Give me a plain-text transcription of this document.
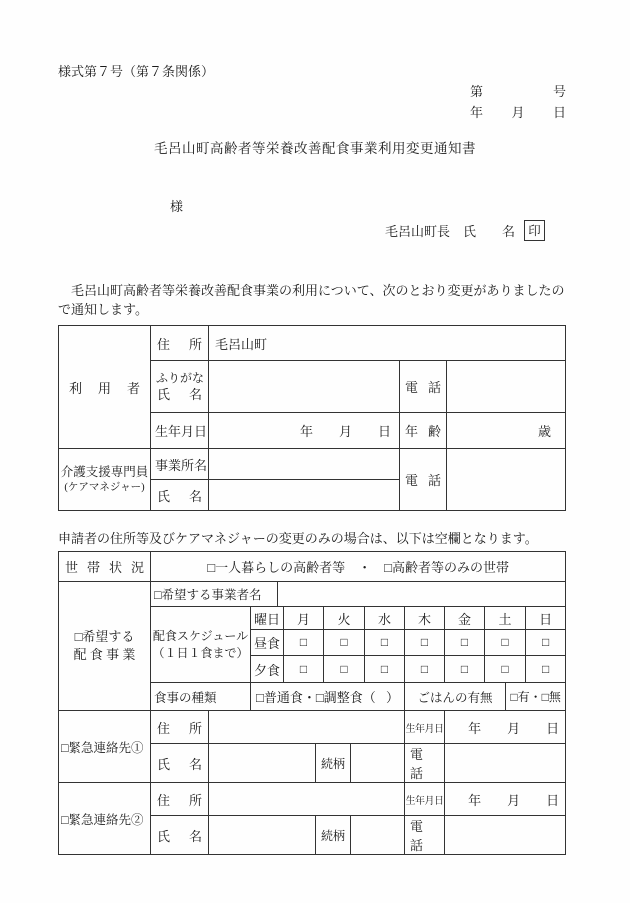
様式第７号（第７条関係）
第	号
年 月 日
毛呂山町高齢者等栄養改善配食事業利用変更通知書
様
毛呂山町長　氏　　名	印
　毛呂山町高齢者等栄養改善配食事業の利用について、次のとおり変更がありましたの
で通知します。
利 用 者	住 所	毛呂山町		

	ふりがな
氏 名		電 話	
	生年月日	年　　月　　日	年 齢	歳

介護支援専門員
(ケアマネジャー)	事業所名		電 話	
	氏 名			
申請者の住所等及びケアマネジャーの変更のみの場合は、以下は空欄となります。
世 帯 状 況	□一人暮らしの高齢者等　・　□高齢者等のみの世帯													

□希望する
配 食 事 業	□希望する事業者名													

	配食スケジュール
（１日１食まで）		曜日		月		火		水	木	金	土		日
			昼食		□		□		□	□	□	□		□
			夕食		□		□		□	□	□	□		□
	食事の種類		□普通食・□調整食（ ）							ごはんの有無			□有・□無	
□緊急連絡先①	住 所									生年月日	年　　月　　日			
	氏 名					続柄				電 話				
□緊急連絡先②	住 所									生年月日	年　　月　　日			
	氏 名					続柄				電 話				
